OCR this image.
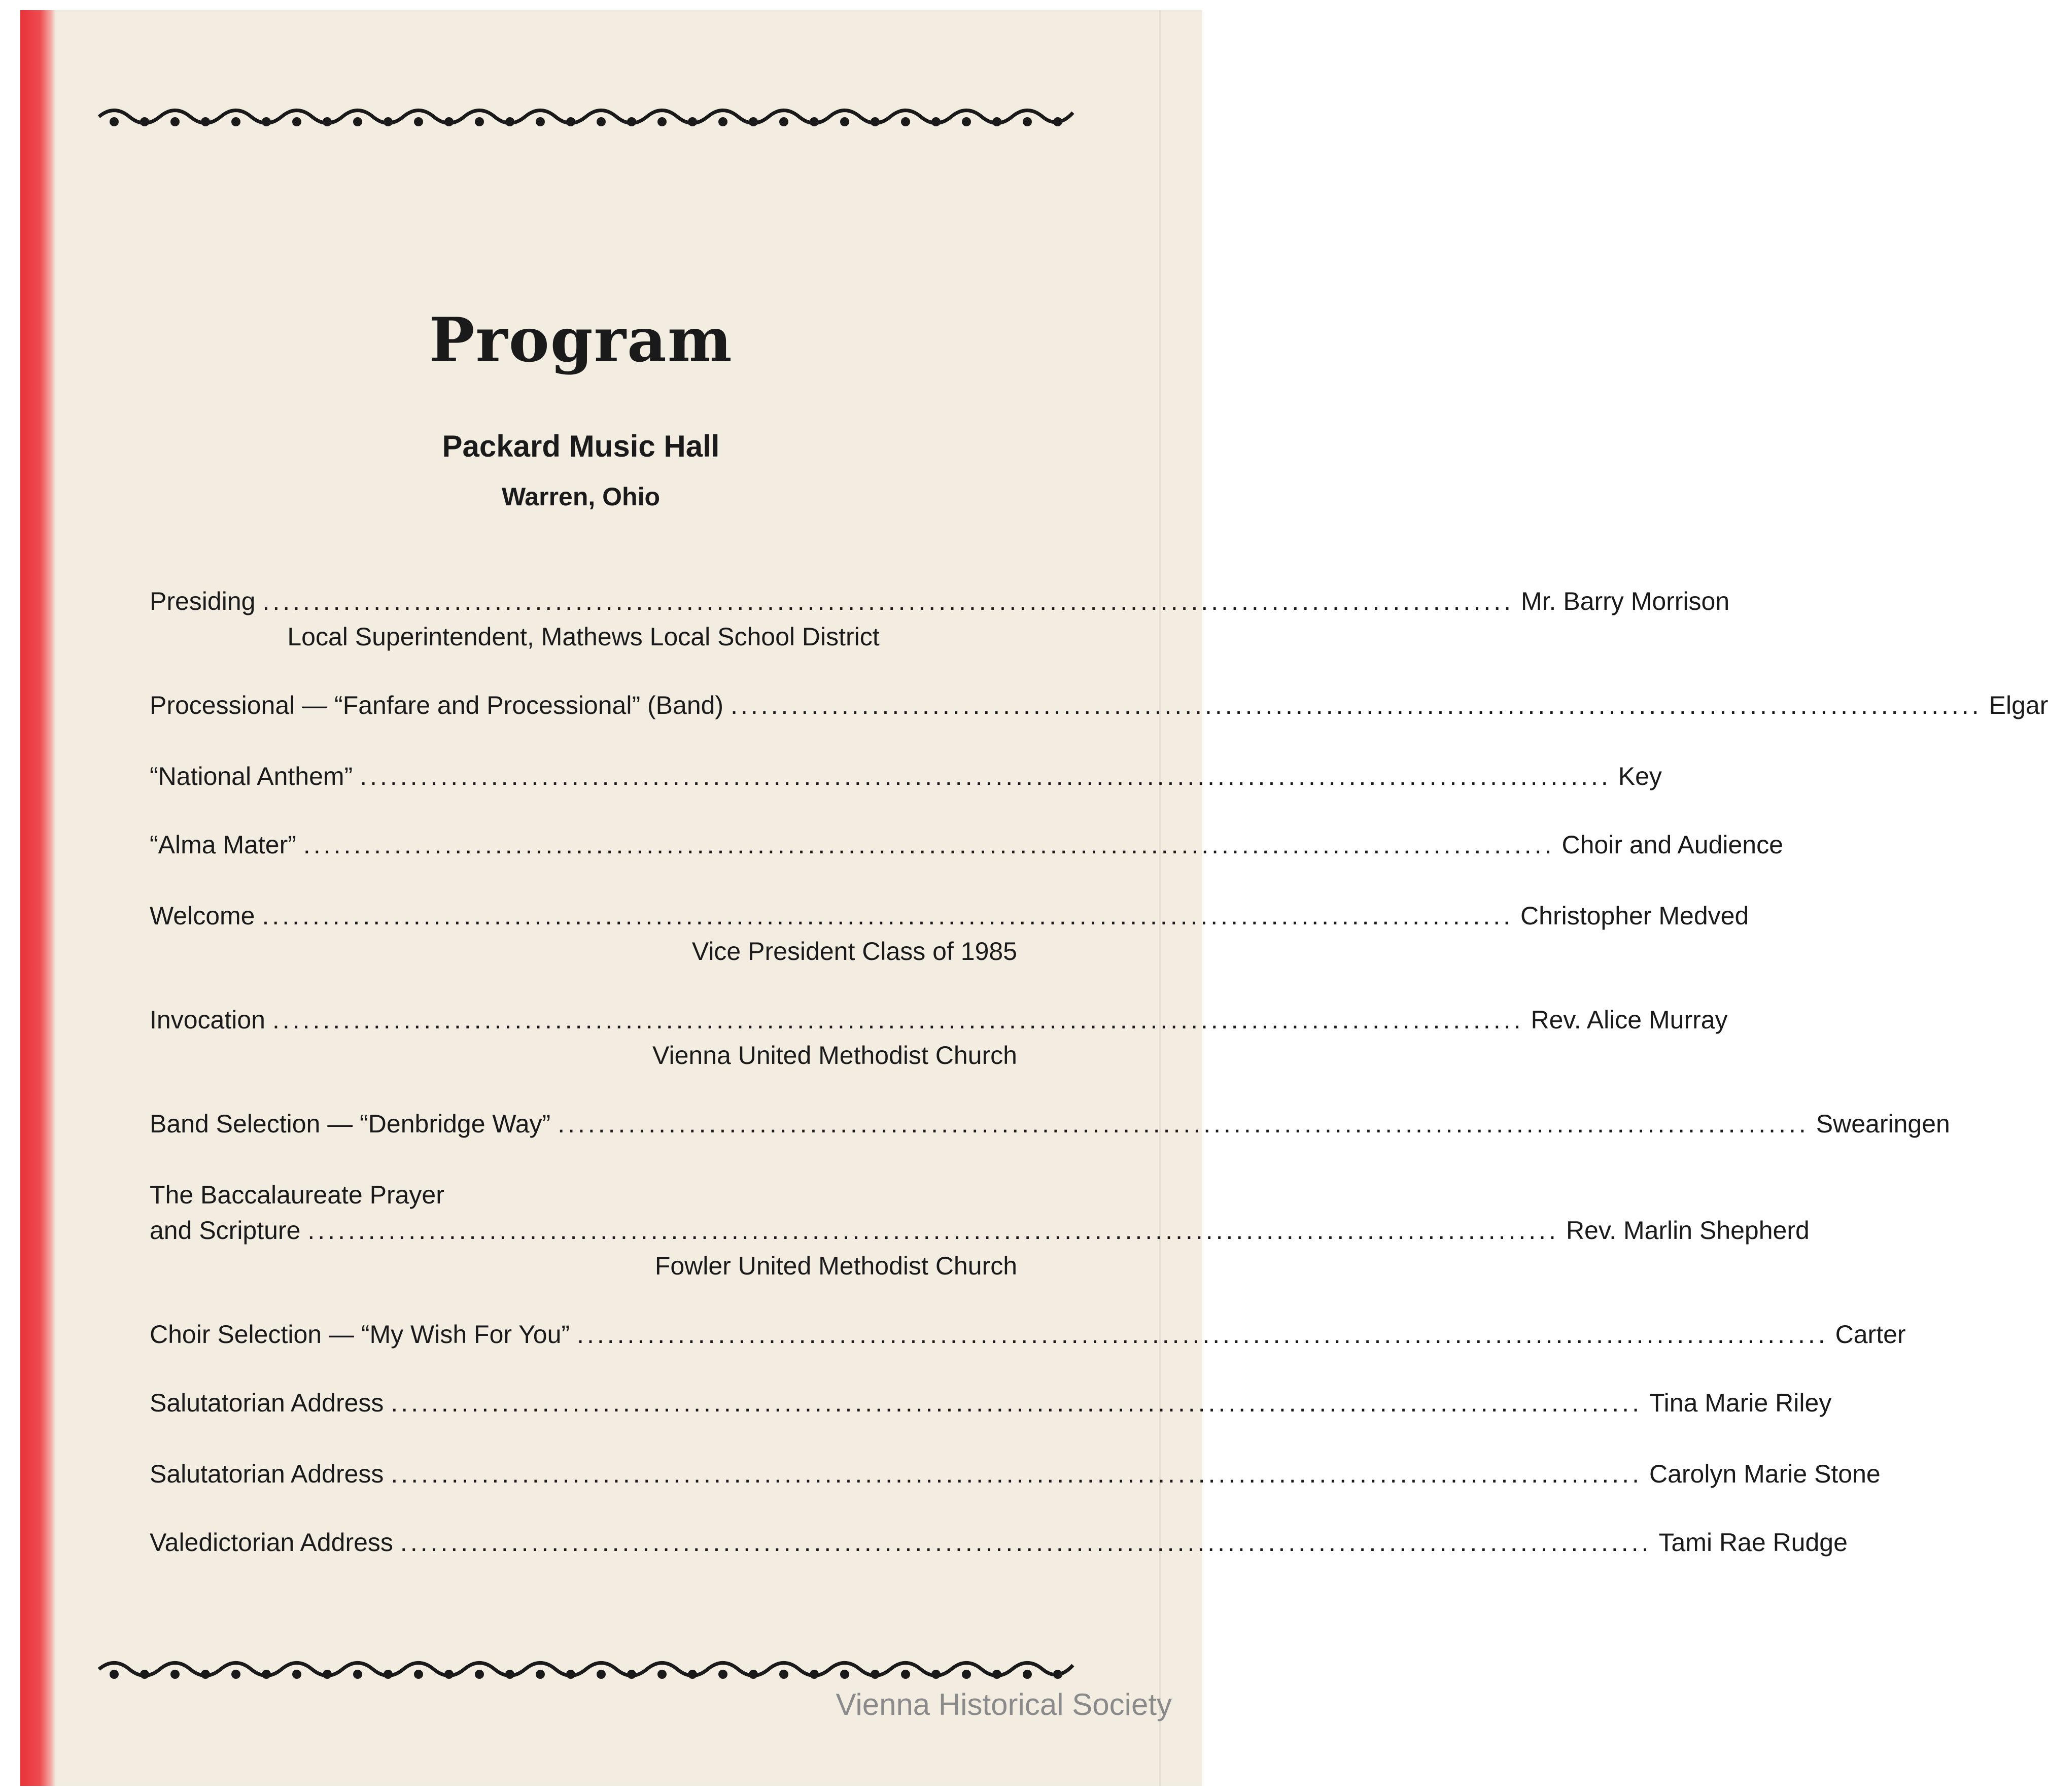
Program
Packard Music Hall
Warren, Ohio
Presiding ............................................................................................................................ Mr. Barry Morrison
Local Superintendent, Mathews Local School District
Processional — “Fanfare and Processional” (Band) ............................................................................................................................ Elgar
“National Anthem” ............................................................................................................................ Key
“Alma Mater” ............................................................................................................................ Choir and Audience
Welcome ............................................................................................................................ Christopher Medved
Vice President Class of 1985
Invocation ............................................................................................................................ Rev. Alice Murray
Vienna United Methodist Church
Band Selection — “Denbridge Way” ............................................................................................................................ Swearingen
The Baccalaureate Prayer
and Scripture ............................................................................................................................ Rev. Marlin Shepherd
Fowler United Methodist Church
Choir Selection — “My Wish For You” ............................................................................................................................ Carter
Salutatorian Address ............................................................................................................................ Tina Marie Riley
Salutatorian Address ............................................................................................................................ Carolyn Marie Stone
Valedictorian Address ............................................................................................................................ Tami Rae Rudge
Vienna Historical Society
